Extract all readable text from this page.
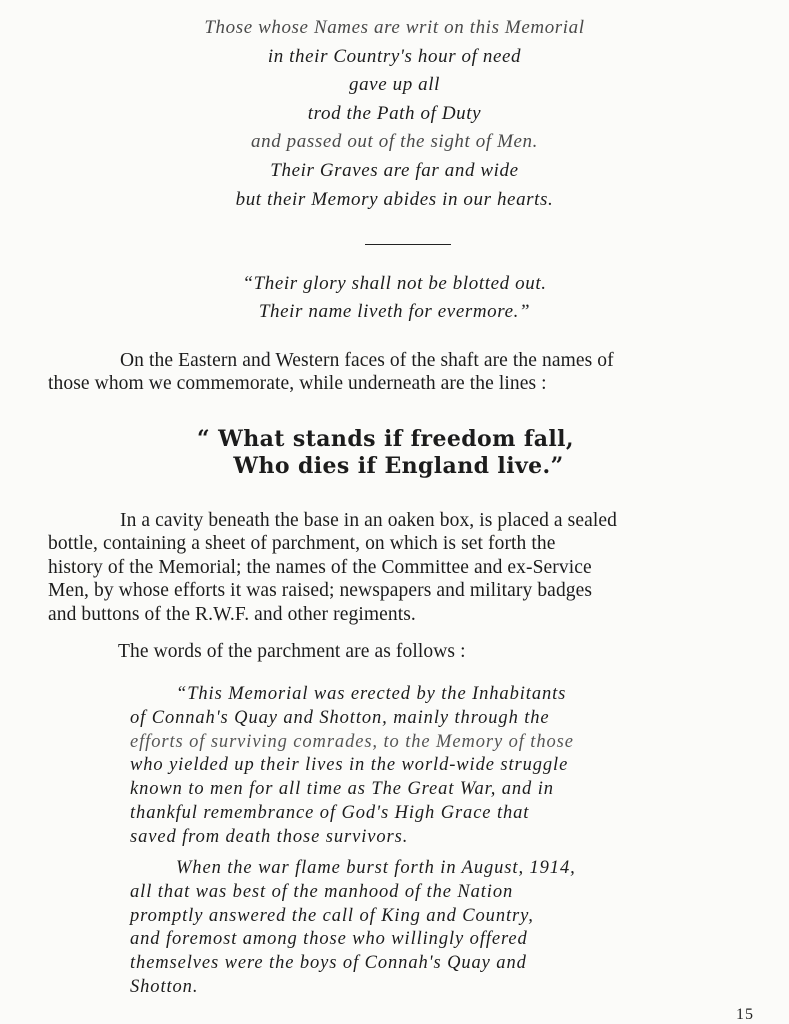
Those whose Names are writ on this Memorial
in their Country's hour of need
gave up all
trod the Path of Duty
and passed out of the sight of Men.
Their Graves are far and wide
but their Memory abides in our hearts.
“Their glory shall not be blotted out.
Their name liveth for evermore.”
On the Eastern and Western faces of the shaft are the names of
those whom we commemorate, while underneath are the lines :
“ What stands if freedom fall,
Who dies if England live.”
In a cavity beneath the base in an oaken box, is placed a sealed
bottle, containing a sheet of parchment, on which is set forth the
history of the Memorial; the names of the Committee and ex-Service
Men, by whose efforts it was raised; newspapers and military badges
and buttons of the R.W.F. and other regiments.
The words of the parchment are as follows :
“This Memorial was erected by the Inhabitants
of Connah's Quay and Shotton, mainly through the
efforts of surviving comrades, to the Memory of those
who yielded up their lives in the world-wide struggle
known to men for all time as The Great War, and in
thankful remembrance of God's High Grace that
saved from death those survivors.
When the war flame burst forth in August, 1914,
all that was best of the manhood of the Nation
promptly answered the call of King and Country,
and foremost among those who willingly offered
themselves were the boys of Connah's Quay and
Shotton.
15
